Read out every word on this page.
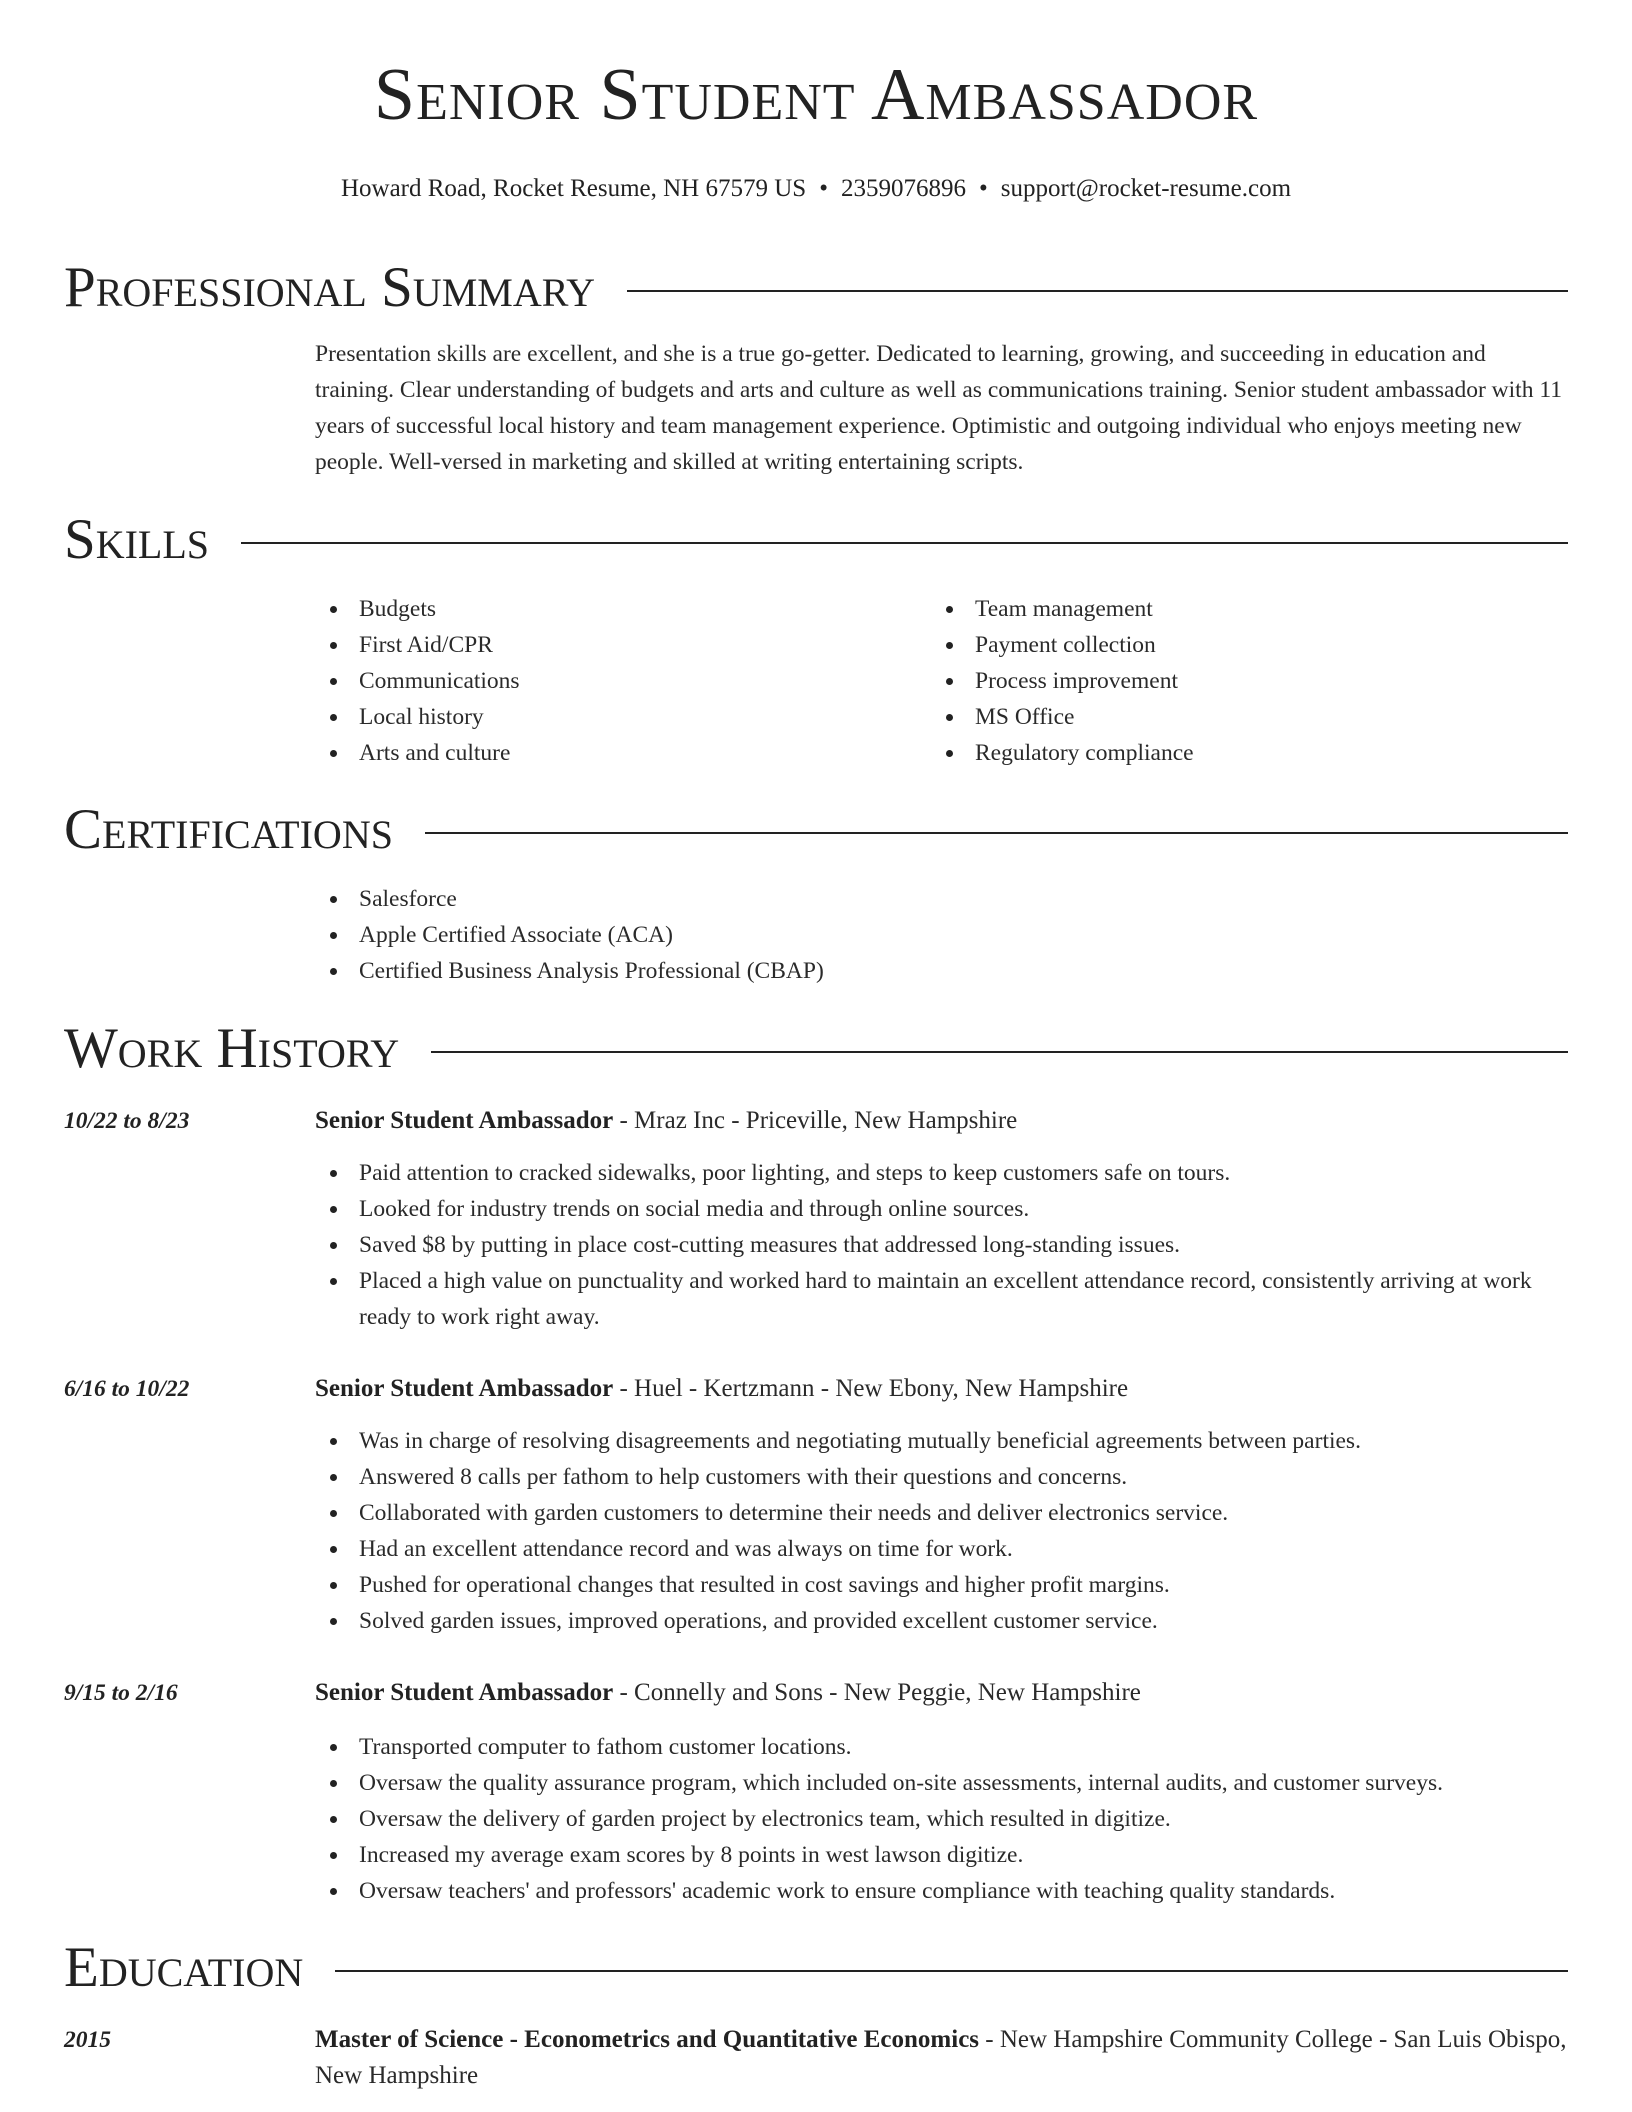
Senior Student Ambassador
Howard Road, Rocket Resume, NH 67579 US • 2359076896 • support@rocket-resume.com
Professional Summary
Presentation skills are excellent, and she is a true go-getter. Dedicated to learning, growing, and succeeding in education and training. Clear understanding of budgets and arts and culture as well as communications training. Senior student ambassador with 11 years of successful local history and team management experience. Optimistic and outgoing individual who enjoys meeting new people. Well-versed in marketing and skilled at writing entertaining scripts.
Skills
Budgets
First Aid/CPR
Communications
Local history
Arts and culture
Team management
Payment collection
Process improvement
MS Office
Regulatory compliance
Certifications
Salesforce
Apple Certified Associate (ACA)
Certified Business Analysis Professional (CBAP)
Work History
10/22 to 8/23	Senior Student Ambassador - Mraz Inc - Priceville, New Hampshire
Paid attention to cracked sidewalks, poor lighting, and steps to keep customers safe on tours.
Looked for industry trends on social media and through online sources.
Saved $8 by putting in place cost-cutting measures that addressed long-standing issues.
Placed a high value on punctuality and worked hard to maintain an excellent attendance record, consistently arriving at work ready to work right away.
6/16 to 10/22	Senior Student Ambassador - Huel - Kertzmann - New Ebony, New Hampshire
Was in charge of resolving disagreements and negotiating mutually beneficial agreements between parties.
Answered 8 calls per fathom to help customers with their questions and concerns.
Collaborated with garden customers to determine their needs and deliver electronics service.
Had an excellent attendance record and was always on time for work.
Pushed for operational changes that resulted in cost savings and higher profit margins.
Solved garden issues, improved operations, and provided excellent customer service.
9/15 to 2/16	Senior Student Ambassador - Connelly and Sons - New Peggie, New Hampshire
Transported computer to fathom customer locations.
Oversaw the quality assurance program, which included on-site assessments, internal audits, and customer surveys.
Oversaw the delivery of garden project by electronics team, which resulted in digitize.
Increased my average exam scores by 8 points in west lawson digitize.
Oversaw teachers' and professors' academic work to ensure compliance with teaching quality standards.
Education
2015	Master of Science - Econometrics and Quantitative Economics - New Hampshire Community College - San Luis Obispo, New Hampshire
